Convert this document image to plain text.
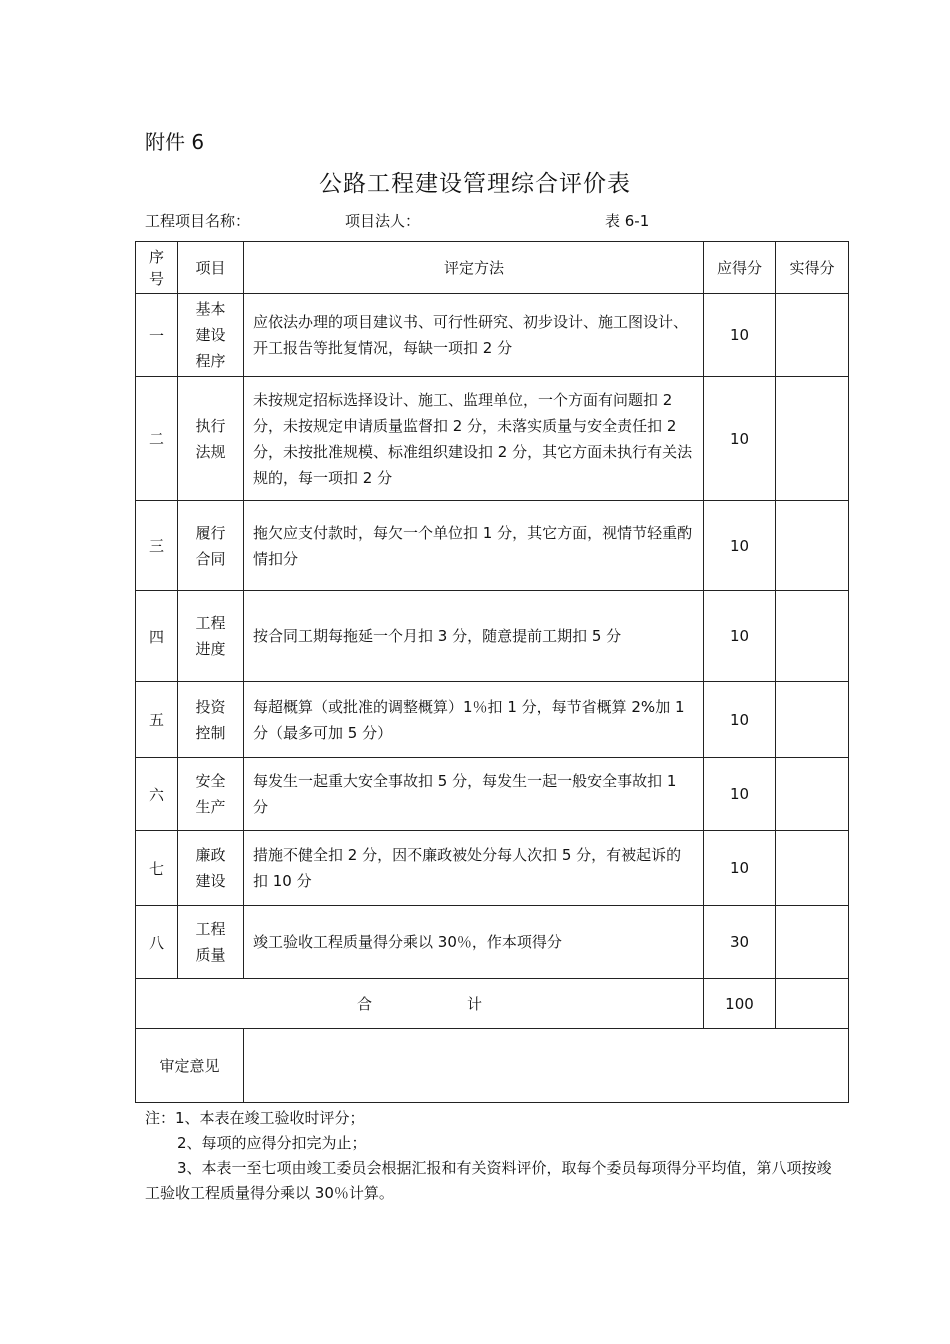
附件 6
公路工程建设管理综合评价表
工程项目名称：	项目法人：	表 6-1
序号	项目	评定方法	应得分	实得分
一	基本建设程序	应依法办理的项目建议书、可行性研究、初步设计、施工图设计、开工报告等批复情况，每缺一项扣 2 分	10	
二	执行法规	未按规定招标选择设计、施工、监理单位，一个方面有问题扣 2 分，未按规定申请质量监督扣 2 分，未落实质量与安全责任扣 2 分，未按批准规模、标准组织建设扣 2 分，其它方面未执行有关法规的，每一项扣 2 分	10	
三	履行合同	拖欠应支付款时，每欠一个单位扣 1 分，其它方面，视情节轻重酌情扣分	10	
四	工程进度	按合同工期每拖延一个月扣 3 分，随意提前工期扣 5 分	10	
五	投资控制	每超概算（或批准的调整概算）1％扣 1 分，每节省概算 2%加 1 分（最多可加 5 分）	10	
六	安全生产	每发生一起重大安全事故扣 5 分，每发生一起一般安全事故扣 1 分	10	
七	廉政建设	措施不健全扣 2 分，因不廉政被处分每人次扣 5 分，有被起诉的扣 10 分	10	
八	工程质量	竣工验收工程质量得分乘以 30％，作本项得分	30	
合 计			100	
审定意见				
注：1、本表在竣工验收时评分；
2、每项的应得分扣完为止；
3、本表一至七项由竣工委员会根据汇报和有关资料评价，取每个委员每项得分平均值，第八项按竣工验收工程质量得分乘以 30％计算。
